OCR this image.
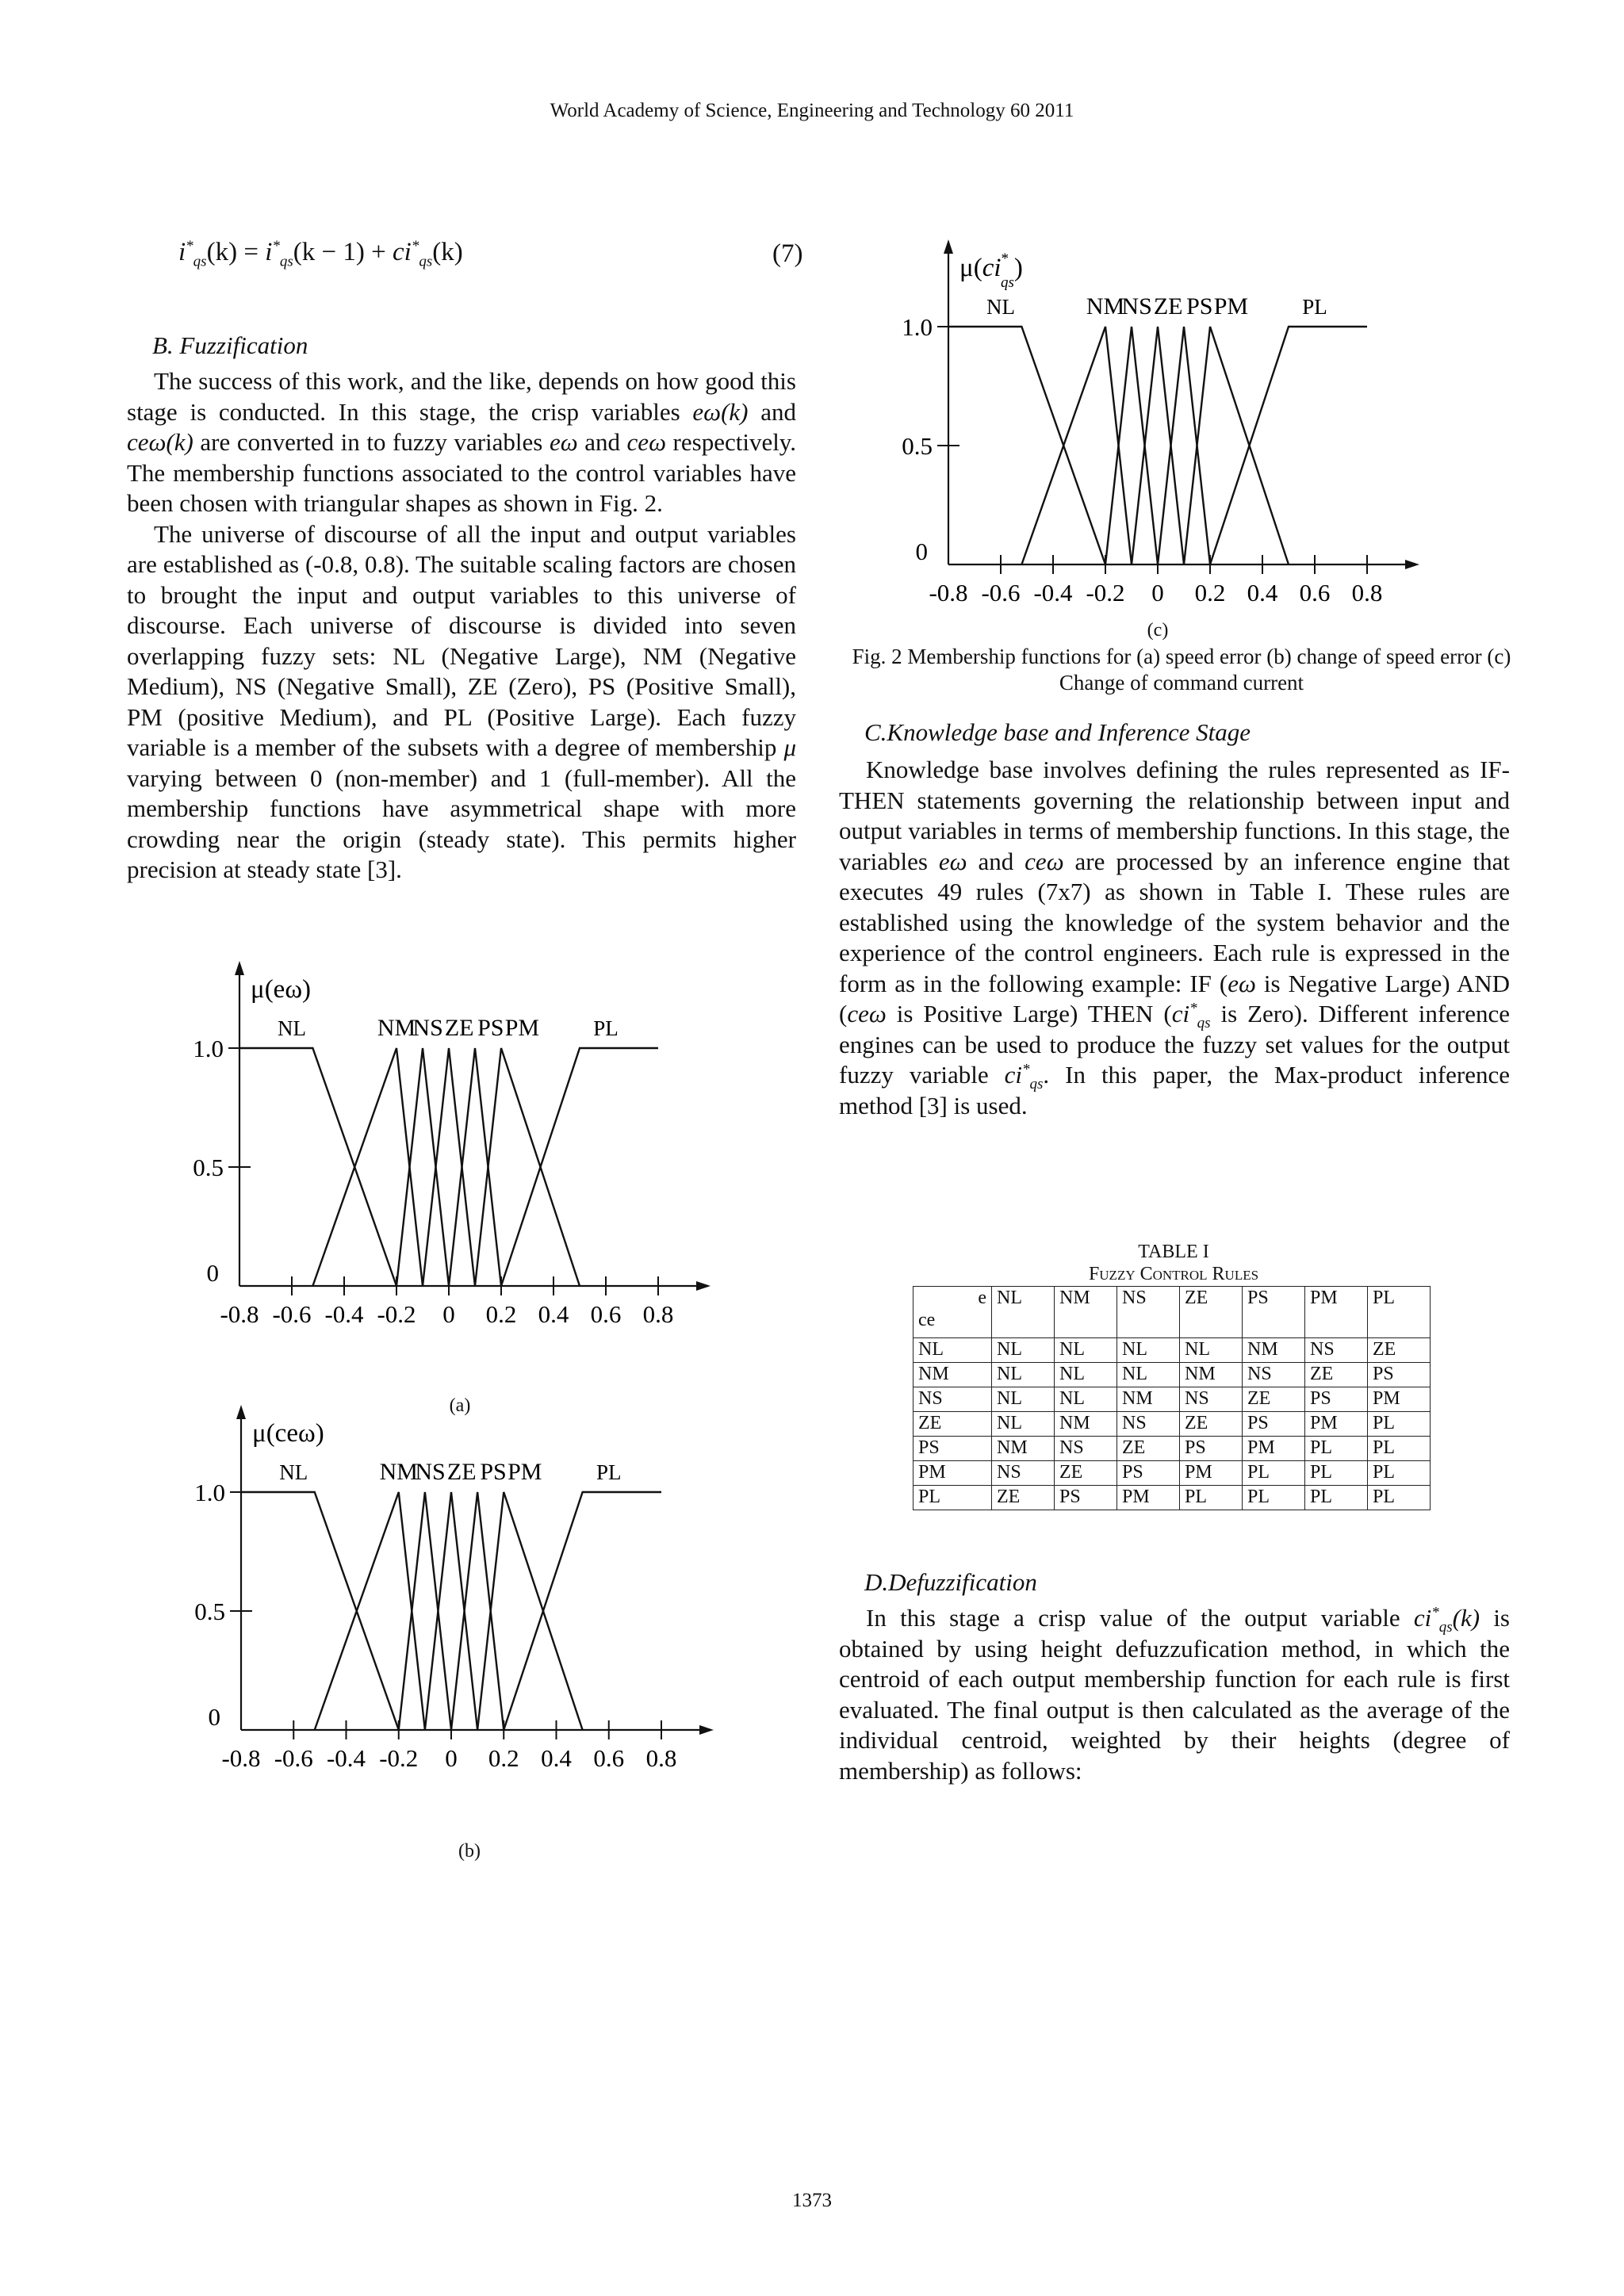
World Academy of Science, Engineering and Technology 60 2011
$i^*_{qs}(k) = i^*_{qs}(k - 1) + ci^*_{qs}(k)$	(7)
B. Fuzzification

The success of this work, and the like, depends on how good this stage is conducted. In this stage, the crisp variables eω(k) and ceω(k) are converted in to fuzzy variables eω and ceω respectively. The membership functions associated to the control variables have been chosen with triangular shapes as shown in Fig. 2.

The universe of discourse of all the input and output variables are established as (-0.8, 0.8). The suitable scaling factors are chosen to brought the input and output variables to this universe of discourse. Each universe of discourse is divided into seven overlapping fuzzy sets: NL (Negative Large), NM (Negative Medium), NS (Negative Small), ZE (Zero), PS (Positive Small), PM (positive Medium), and PL (Positive Large). Each fuzzy variable is a member of the subsets with a degree of membership μ varying between 0 (non-member) and 1 (full-member). All the membership functions have asymmetrical shape with more crowding near the origin (steady state). This permits higher precision at steady state [3].

1.0
0.5
0
-0.8 -0.6 -0.4 -0.2 0 0.2 0.4 0.6 0.8
μ(eω)
NL	NM
NS ZE PS PM	PL
(a)
1.0
0.5
0
-0.8 -0.6 -0.4 -0.2 0 0.2 0.4 0.6 0.8
μ(ceω)
NL	NM
NS ZE PS PM	PL
(b)
1.0
0.5
0
-0.8 -0.6 -0.4 -0.2 0 0.2 0.4 0.6 0.8
μ(ci* qs)
NL	NM
NS ZE PS PM	PL
(c)
Fig. 2 Membership functions for (a) speed error (b) change of speed error (c) Change of command current
C.Knowledge base and Inference Stage

Knowledge base involves defining the rules represented as IF-THEN statements governing the relationship between input and output variables in terms of membership functions. In this stage, the variables eω and ceω are processed by an inference engine that executes 49 rules (7x7) as shown in Table I. These rules are established using the knowledge of the system behavior and the experience of the control engineers. Each rule is expressed in the form as in the following example: IF (eω is Negative Large) AND (ceω is Positive Large) THEN ($ci^*_{qs}$ is Zero). Different inference engines can be used to produce the fuzzy set values for the output fuzzy variable $ci^*_{qs}$. In this paper, the Max-product inference method [3] is used.

TABLE I
Fuzzy Control Rules
e
ce	NL	NM	NS	ZE	PS	PM	PL
NL	NL	NL	NL	NL	NM	NS	ZE
NM	NL	NL	NL	NM	NS	ZE	PS
NS	NL	NL	NM	NS	ZE	PS	PM
ZE	NL	NM	NS	ZE	PS	PM	PL
PS	NM	NS	ZE	PS	PM	PL	PL
PM	NS	ZE	PS	PM	PL	PL	PL
PL	ZE	PS	PM	PL	PL	PL	PL
D.Defuzzification

In this stage a crisp value of the output variable $ci^*_{qs}(k)$ is obtained by using height defuzzufication method, in which the centroid of each output membership function for each rule is first evaluated. The final output is then calculated as the average of the individual centroid, weighted by their heights (degree of membership) as follows:

1373
